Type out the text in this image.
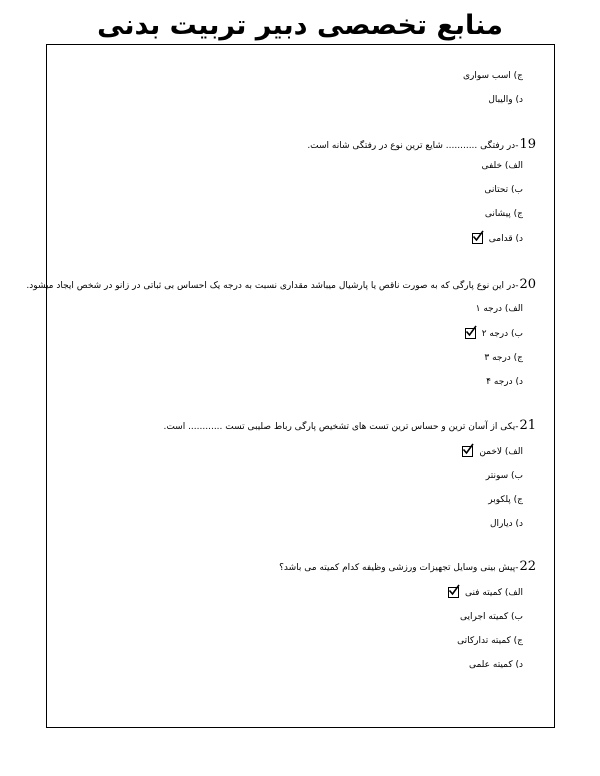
منابع تخصصی دبیر تربیت بدنی
ج) اسب سواری
د) والیبال
19-در رفتگی ........... شایع ترین نوع در رفتگی شانه است.
الف) خلفی
ب) تحتانی
ج) پیشانی
د) قدامی
20-در این نوع پارگی که به صورت ناقص یا پارشیال میباشد مقداری نسبت به درجه یک احساس بی ثباتی در زانو در شخص ایجاد میشود.
الف) درجه ۱
ب) درجه ۲
ج) درجه ۳
د) درجه ۴
21-یکی از آسان ترین و حساس ترین تست های تشخیص پارگی رباط صلیبی تست ............ است.
الف) لاخمن
ب) سونتر
ج) پلکوبر
د) دیارال
22-پیش بینی وسایل تجهیزات ورزشی وظیفه کدام کمیته می باشد؟
الف) کمیته فنی
ب) کمیته اجرایی
ج) کمیته تدارکاتی
د) کمیته علمی
